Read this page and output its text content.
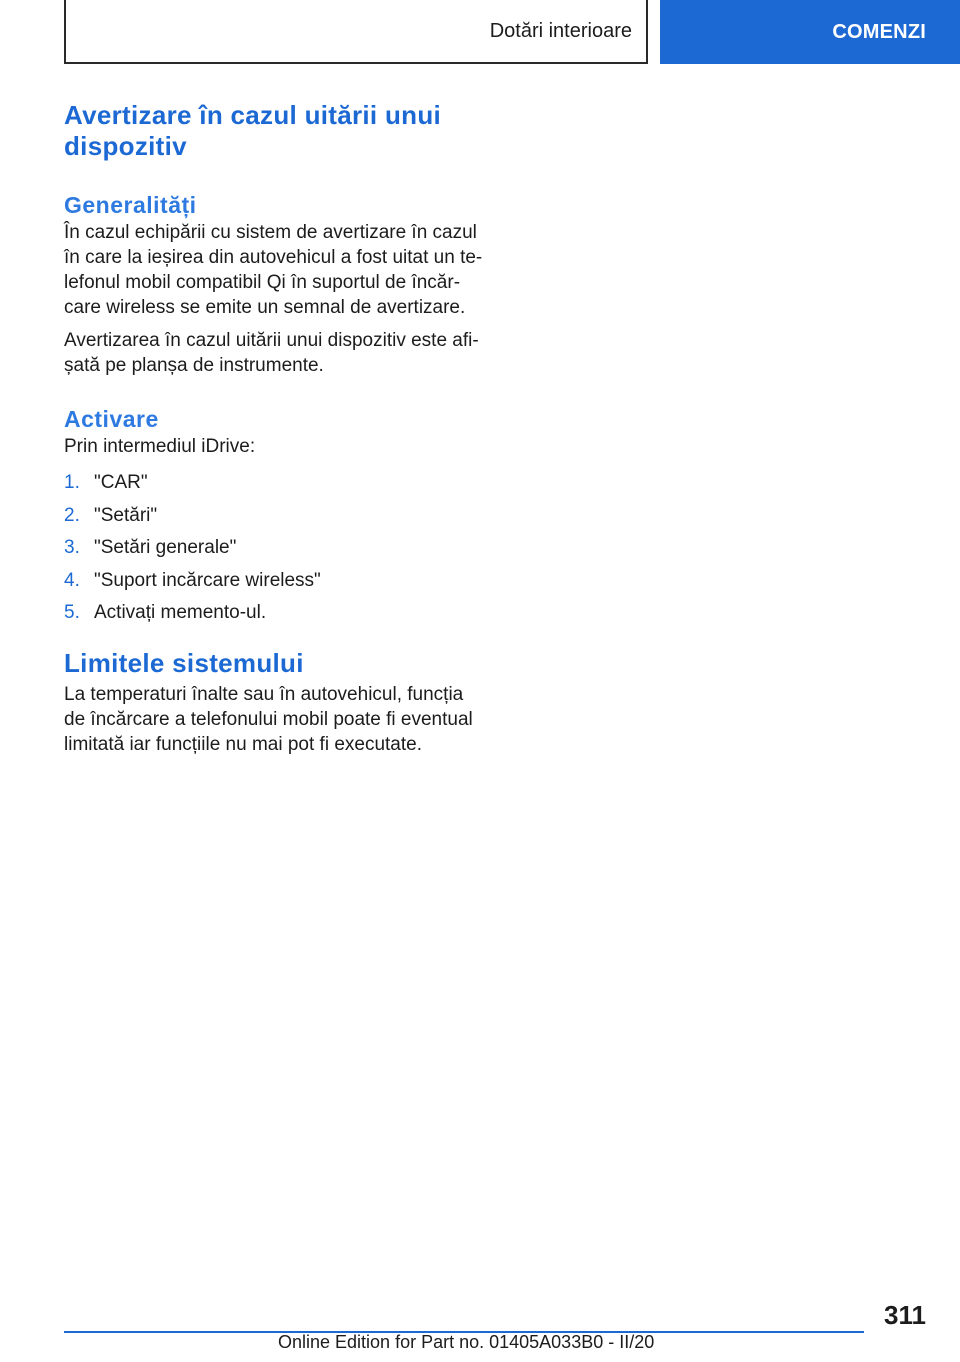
Dotări interioare	COMENZI
Avertizare în cazul uitării unui
dispozitiv
Generalități
În cazul echipării cu sistem de avertizare în cazul
în care la ieșirea din autovehicul a fost uitat un te‐
lefonul mobil compatibil Qi în suportul de încăr‐
care wireless se emite un semnal de avertizare.
Avertizarea în cazul uitării unui dispozitiv este afi‐
șată pe planșa de instrumente.
Activare
Prin intermediul iDrive:
1. "CAR"
2. "Setări"
3. "Setări generale"
4. "Suport incărcare wireless"
5. Activați memento-ul.
Limitele sistemului
La temperaturi înalte sau în autovehicul, funcția
de încărcare a telefonului mobil poate fi eventual
limitată iar funcțiile nu mai pot fi executate.
311
Online Edition for Part no. 01405A033B0 - II/20
